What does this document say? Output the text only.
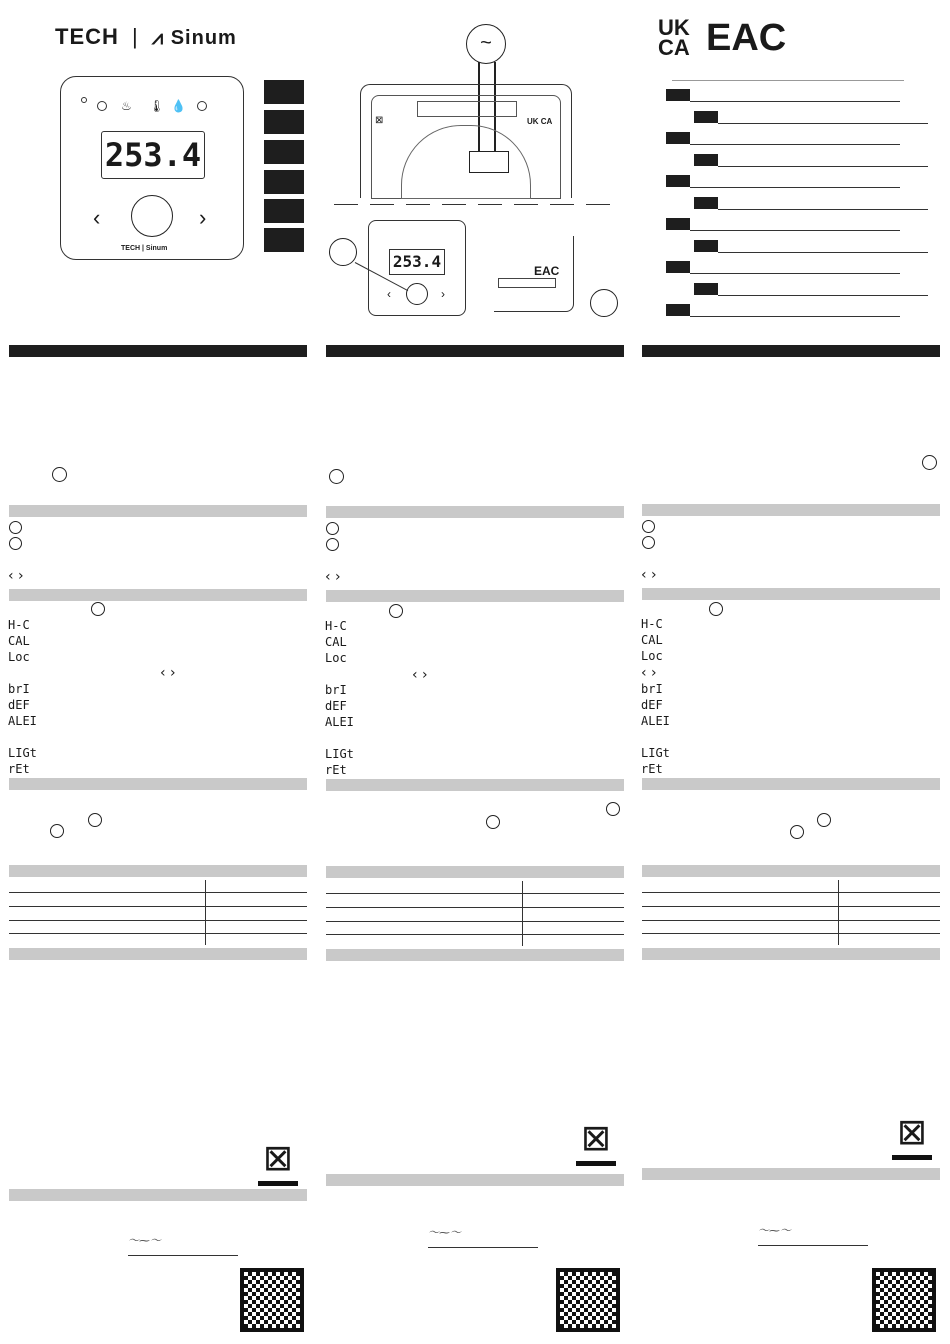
TECH | ⩘ Sinum
♨ 🌡 💧
253.4
‹	›
TECH | Sinum
~
⊠	UK CA
253.4
‹	›
EAC
UK
CA EAC
‹ ›
H-C
CAL
Loc
‹ ›
brI
dEF
ALEI
LIGt
rEt
⊠
〜⁓〜
‹ ›
H-C
CAL
Loc
‹ ›
brI
dEF
ALEI
LIGt
rEt
⊠
〜⁓〜
‹ ›
H-C
CAL
Loc
‹ ›
brI
dEF
ALEI
LIGt
rEt
⊠
〜⁓〜
